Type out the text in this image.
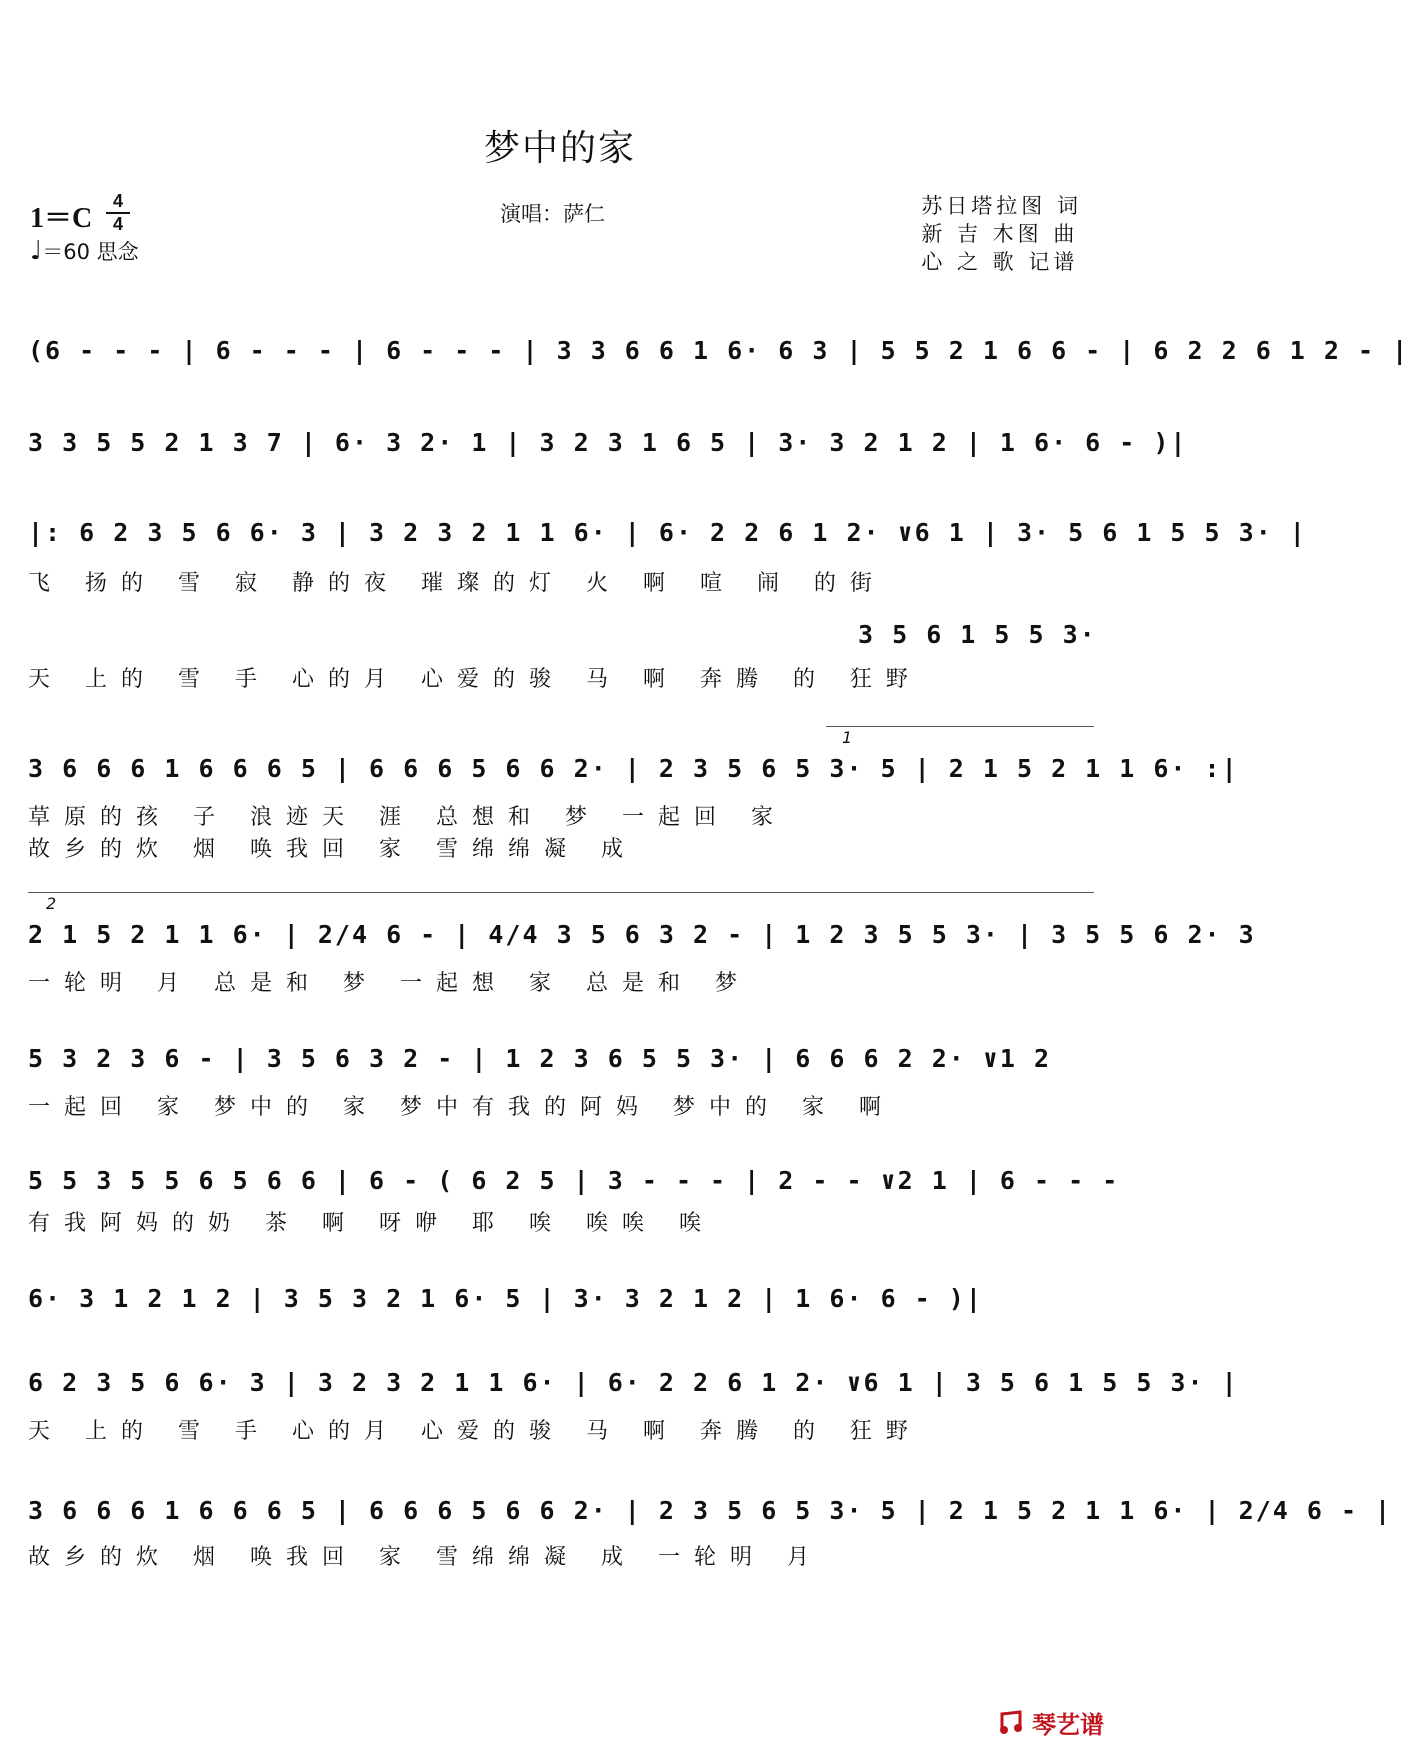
梦中的家
1＝C
4
4
♩＝60 思念
演唱：萨仁	苏日塔拉图 词
新 吉 木图 曲
心 之 歌 记谱
(6 - - - | 6 - - - | 6 - - - | 3 3 6 6 1 6· 6 3 | 5 5 2 1 6 6 - | 6 2 2 6 1 2 - |
3 3 5 5 2 1 3 7 | 6· 3 2· 1 | 3 2 3 1 6 5 | 3· 3 2 1 2 | 1 6· 6 - )|
|: 6 2 3 5 6 6· 3 | 3 2 3 2 1 1 6· | 6· 2 2 6 1 2· ∨6 1 | 3· 5 6 1 5 5 3· |
飞 扬的 雪 寂 静的夜 璀璨的灯 火 啊 喧 闹 的街
3 5 6 1 5 5 3·
天 上的 雪 手 心的月 心爱的骏 马 啊 奔腾 的 狂野
1
3 6 6 6 1 6 6 6 5 | 6 6 6 5 6 6 2· | 2 3 5 6 5 3· 5 | 2 1 5 2 1 1 6· :|
草原的孩 子 浪迹天 涯 总想和 梦 一起回 家
故乡的炊 烟 唤我回 家 雪绵绵凝 成
2
2 1 5 2 1 1 6· | 2/4 6 - | 4/4 3 5 6 3 2 - | 1 2 3 5 5 3· | 3 5 5 6 2· 3
一轮明 月 总是和 梦 一起想 家 总是和 梦
5 3 2 3 6 - | 3 5 6 3 2 - | 1 2 3 6 5 5 3· | 6 6 6 2 2· ∨1 2
一起回 家 梦中的 家 梦中有我的阿妈 梦中的 家 啊
5 5 3 5 5 6 5 6 6 | 6 - ( 6 2 5 | 3 - - - | 2 - - ∨2 1 | 6 - - -
有我阿妈的奶 茶 啊 呀咿 耶 唉 唉唉 唉
6· 3 1 2 1 2 | 3 5 3 2 1 6· 5 | 3· 3 2 1 2 | 1 6· 6 - )|
6 2 3 5 6 6· 3 | 3 2 3 2 1 1 6· | 6· 2 2 6 1 2· ∨6 1 | 3 5 6 1 5 5 3· |
天 上的 雪 手 心的月 心爱的骏 马 啊 奔腾 的 狂野
3 6 6 6 1 6 6 6 5 | 6 6 6 5 6 6 2· | 2 3 5 6 5 3· 5 | 2 1 5 2 1 1 6· | 2/4 6 - |
故乡的炊 烟 唤我回 家 雪绵绵凝 成 一轮明 月
琴艺谱
